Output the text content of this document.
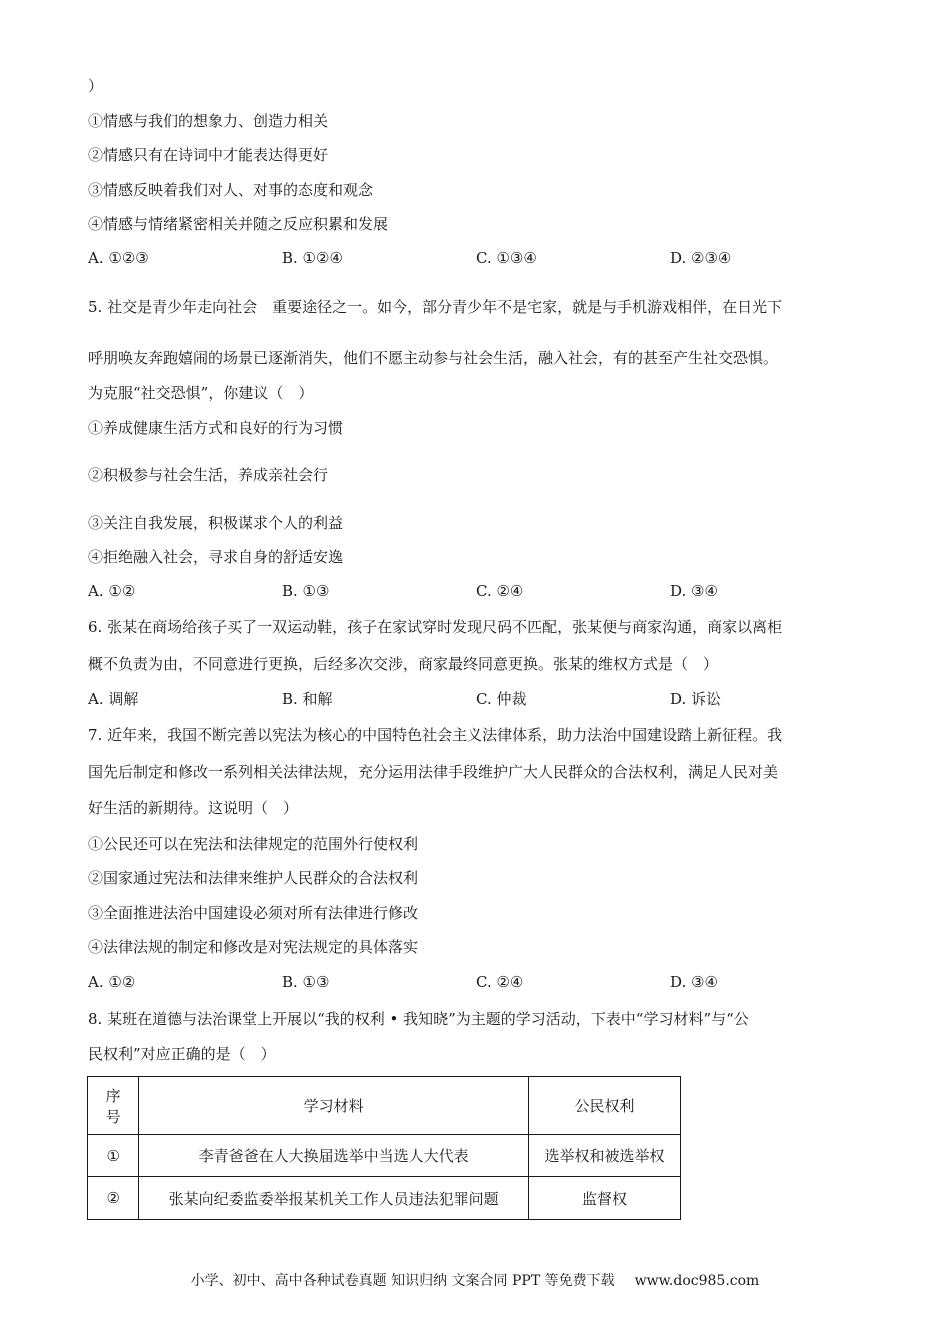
）
①情感与我们的想象力、创造力相关
②情感只有在诗词中才能表达得更好
③情感反映着我们对人、对事的态度和观念
④情感与情绪紧密相关并随之反应积累和发展
A. ①②③	B. ①②④	C. ①③④	D. ②③④
5. 社交是青少年走向社会　重要途径之一。如今，部分青少年不是宅家，就是与手机游戏相伴，在日光下
呼朋唤友奔跑嬉闹的场景已逐渐消失，他们不愿主动参与社会生活，融入社会，有的甚至产生社交恐惧。
为克服“社交恐惧”，你建议（　）
①养成健康生活方式和良好的行为习惯
②积极参与社会生活，养成亲社会行
③关注自我发展，积极谋求个人的利益
④拒绝融入社会，寻求自身的舒适安逸
A. ①②	B. ①③	C. ②④	D. ③④
6. 张某在商场给孩子买了一双运动鞋，孩子在家试穿时发现尺码不匹配，张某便与商家沟通，商家以离柜
概不负责为由，不同意进行更换，后经多次交涉，商家最终同意更换。张某的维权方式是（　）
A. 调解	B. 和解	C. 仲裁	D. 诉讼
7. 近年来，我国不断完善以宪法为核心的中国特色社会主义法律体系，助力法治中国建设踏上新征程。我
国先后制定和修改一系列相关法律法规，充分运用法律手段维护广大人民群众的合法权利，满足人民对美
好生活的新期待。这说明（　）
①公民还可以在宪法和法律规定的范围外行使权利
②国家通过宪法和法律来维护人民群众的合法权利
③全面推进法治中国建设必须对所有法律进行修改
④法律法规的制定和修改是对宪法规定的具体落实
A. ①②	B. ①③	C. ②④	D. ③④
8. 某班在道德与法治课堂上开展以“我的权利 • 我知晓”为主题的学习活动，下表中“学习材料”与“公
民权利”对应正确的是（　）
序
号	学习材料	公民权利
①	李青爸爸在人大换届选举中当选人大代表	选举权和被选举权
②	张某向纪委监委举报某机关工作人员违法犯罪问题	监督权
小学、初中、高中各种试卷真题 知识归纳 文案合同 PPT 等免费下载 www.doc985.com
